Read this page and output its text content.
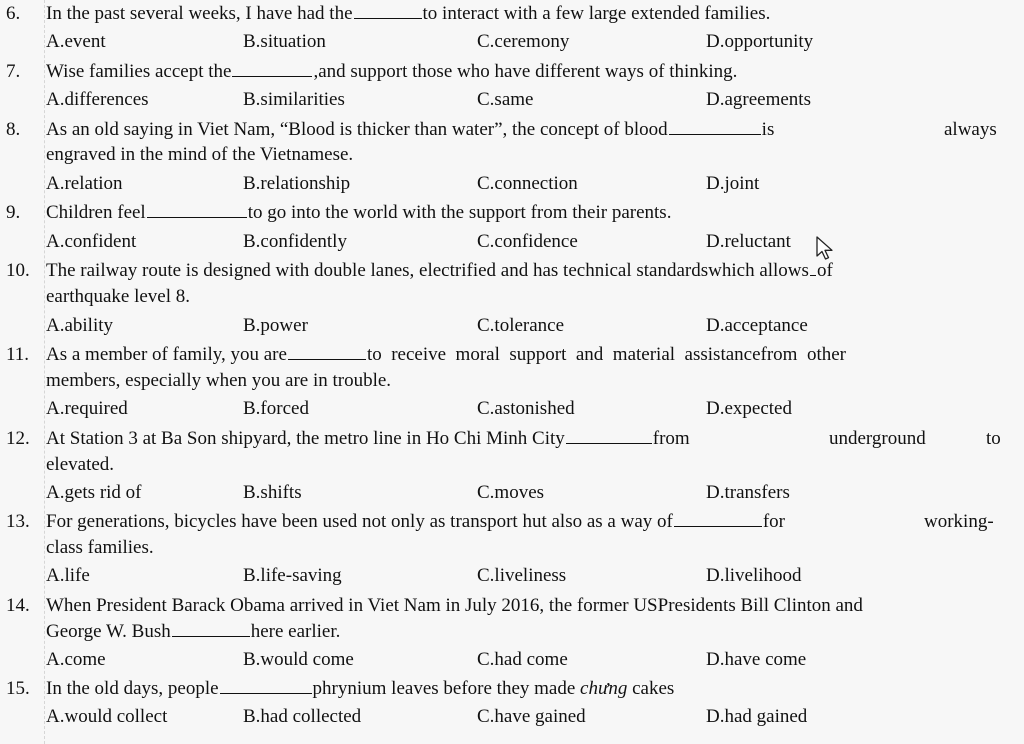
6. In the past several weeks, I have had the	to interact with a few large extended families.
A.event	B.situation	C.ceremony	D.opportunity
7. Wise families accept the	,and support those who have different ways of thinking.
A.differences	B.similarities	C.same	D.agreements
8. As an old saying in Viet Nam, “Blood is thicker than water”, the concept of blood	is	always
engraved in the mind of the Vietnamese.
A.relation	B.relationship	C.connection	D.joint
9. Children feel	to go into the world with the support from their parents.
A.confident	B.confidently	C.confidence	D.reluctant
10. The railway route is designed with double lanes, electrified and has technical standardswhich allows of
earthquake level 8.
A.ability	B.power	C.tolerance	D.acceptance
11. As a member of family, you are	to  receive  moral  support  and  material  assistancefrom  other
members, especially when you are in trouble.
A.required	B.forced	C.astonished	D.expected
12. At Station 3 at Ba Son shipyard, the metro line in Ho Chi Minh City	from	underground	to
elevated.
A.gets rid of	B.shifts	C.moves	D.transfers
13. For generations, bicycles have been used not only as transport hut also as a way of	for	working-
class families.
A.life	B.life-saving	C.liveliness	D.livelihood
14. When President Barack Obama arrived in Viet Nam in July 2016, the former USPresidents Bill Clinton and
George W. Bush	here earlier.
A.come	B.would come	C.had come	D.have come
15. In the old days, people	phrynium leaves before they made chưng cakes
A.would collect	B.had collected	C.have gained	D.had gained
